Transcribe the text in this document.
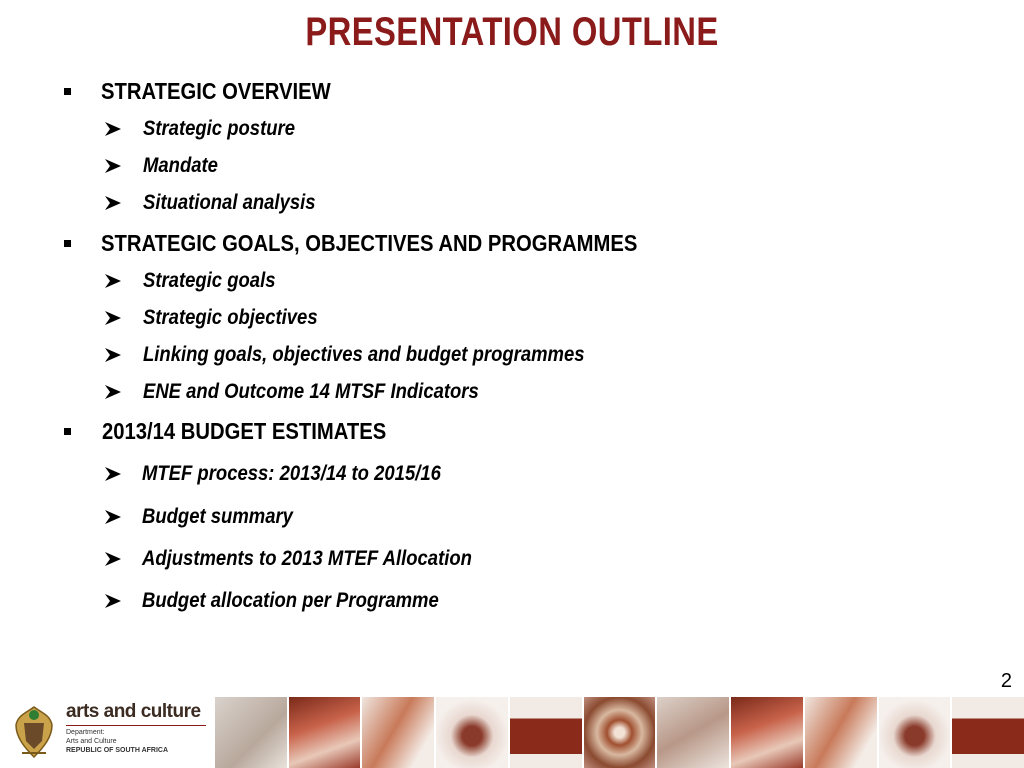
PRESENTATION OUTLINE
STRATEGIC OVERVIEW
Strategic posture
Mandate
Situational analysis
STRATEGIC GOALS, OBJECTIVES AND PROGRAMMES
Strategic goals
Strategic objectives
Linking goals, objectives and budget programmes
ENE and Outcome 14 MTSF Indicators
2013/14 BUDGET ESTIMATES
MTEF process: 2013/14 to 2015/16
Budget summary
Adjustments to 2013 MTEF Allocation
Budget allocation per Programme
2
arts and culture
Department:
Arts and Culture
REPUBLIC OF SOUTH AFRICA
